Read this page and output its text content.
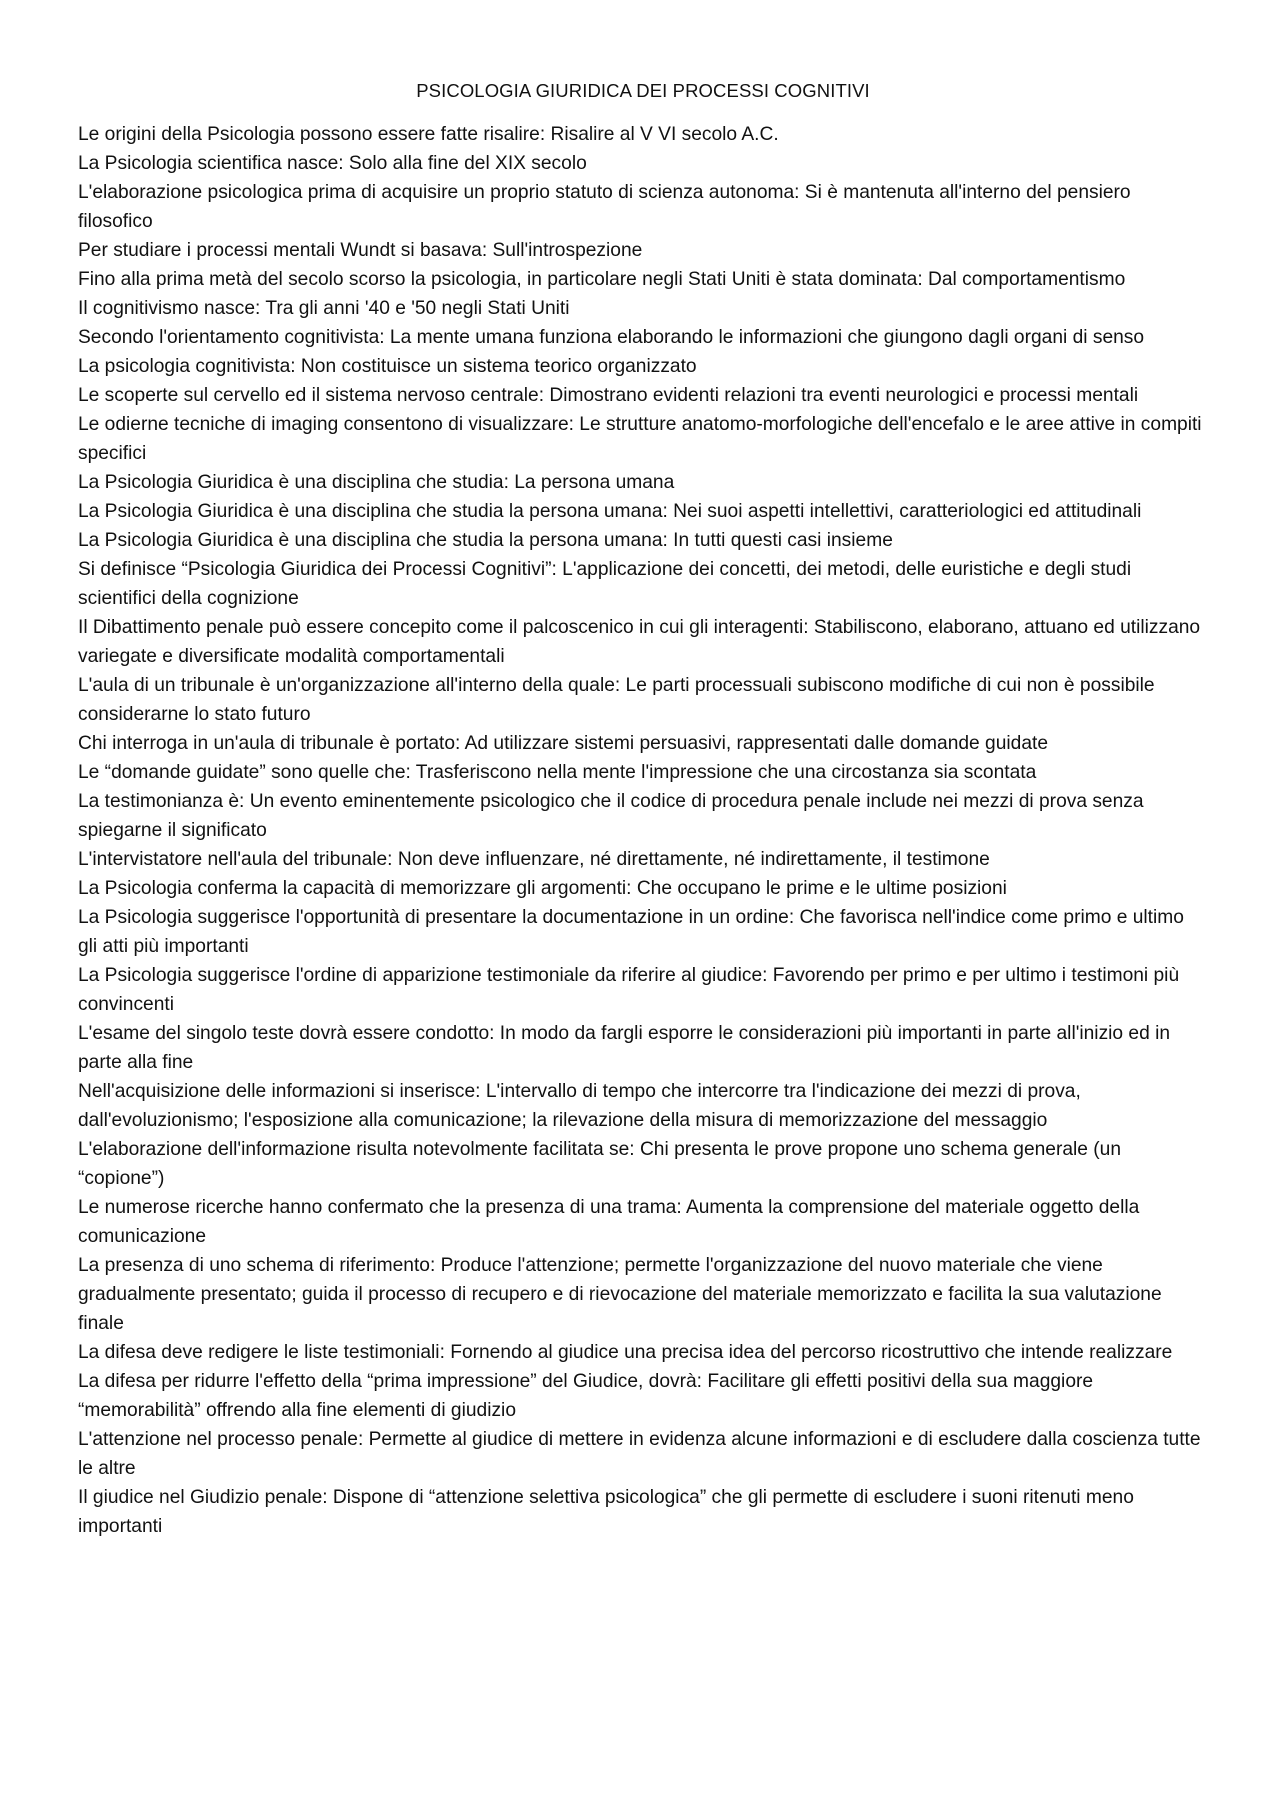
PSICOLOGIA GIURIDICA DEI PROCESSI COGNITIVI
Le origini della Psicologia possono essere fatte risalire: Risalire al V VI secolo A.C.
La Psicologia scientifica nasce: Solo alla fine del XIX secolo
L'elaborazione psicologica prima di acquisire un proprio statuto di scienza autonoma: Si è mantenuta all'interno del pensiero filosofico
Per studiare i processi mentali Wundt si basava: Sull'introspezione
Fino alla prima metà del secolo scorso la psicologia, in particolare negli Stati Uniti è stata dominata: Dal comportamentismo
Il cognitivismo nasce: Tra gli anni '40 e '50 negli Stati Uniti
Secondo l'orientamento cognitivista: La mente umana funziona elaborando le informazioni che giungono dagli organi di senso
La psicologia cognitivista: Non costituisce un sistema teorico organizzato
Le scoperte sul cervello ed il sistema nervoso centrale: Dimostrano evidenti relazioni tra eventi neurologici e processi mentali
Le odierne tecniche di imaging consentono di visualizzare: Le strutture anatomo-morfologiche dell'encefalo e le aree attive in compiti specifici
La Psicologia Giuridica è una disciplina che studia: La persona umana
La Psicologia Giuridica è una disciplina che studia la persona umana: Nei suoi aspetti intellettivi, caratteriologici ed attitudinali
La Psicologia Giuridica è una disciplina che studia la persona umana: In tutti questi casi insieme
Si definisce “Psicologia Giuridica dei Processi Cognitivi”: L'applicazione dei concetti, dei metodi, delle euristiche e degli studi scientifici della cognizione
Il Dibattimento penale può essere concepito come il palcoscenico in cui gli interagenti: Stabiliscono, elaborano, attuano ed utilizzano variegate e diversificate modalità comportamentali
L'aula di un tribunale è un'organizzazione all'interno della quale: Le parti processuali subiscono modifiche di cui non è possibile considerarne lo stato futuro
Chi interroga in un'aula di tribunale è portato: Ad utilizzare sistemi persuasivi, rappresentati dalle domande guidate
Le “domande guidate” sono quelle che: Trasferiscono nella mente l'impressione che una circostanza sia scontata
La testimonianza è: Un evento eminentemente psicologico che il codice di procedura penale include nei mezzi di prova senza spiegarne il significato
L'intervistatore nell'aula del tribunale: Non deve influenzare, né direttamente, né indirettamente, il testimone
La Psicologia conferma la capacità di memorizzare gli argomenti: Che occupano le prime e le ultime posizioni
La Psicologia suggerisce l'opportunità di presentare la documentazione in un ordine: Che favorisca nell'indice come primo e ultimo gli atti più importanti
La Psicologia suggerisce l'ordine di apparizione testimoniale da riferire al giudice: Favorendo per primo e per ultimo i testimoni più convincenti
L'esame del singolo teste dovrà essere condotto: In modo da fargli esporre le considerazioni più importanti in parte all'inizio ed in parte alla fine
Nell'acquisizione delle informazioni si inserisce: L'intervallo di tempo che intercorre tra l'indicazione dei mezzi di prova, dall'evoluzionismo; l'esposizione alla comunicazione; la rilevazione della misura di memorizzazione del messaggio
L'elaborazione dell'informazione risulta notevolmente facilitata se: Chi presenta le prove propone uno schema generale (un “copione”)
Le numerose ricerche hanno confermato che la presenza di una trama: Aumenta la comprensione del materiale oggetto della comunicazione
La presenza di uno schema di riferimento: Produce l'attenzione; permette l'organizzazione del nuovo materiale che viene gradualmente presentato; guida il processo di recupero e di rievocazione del materiale memorizzato e facilita la sua valutazione finale
La difesa deve redigere le liste testimoniali: Fornendo al giudice una precisa idea del percorso ricostruttivo che intende realizzare
La difesa per ridurre l'effetto della “prima impressione” del Giudice, dovrà: Facilitare gli effetti positivi della sua maggiore “memorabilità” offrendo alla fine elementi di giudizio
L'attenzione nel processo penale: Permette al giudice di mettere in evidenza alcune informazioni e di escludere dalla coscienza tutte le altre
Il giudice nel Giudizio penale: Dispone di “attenzione selettiva psicologica” che gli permette di escludere i suoni ritenuti meno importanti
